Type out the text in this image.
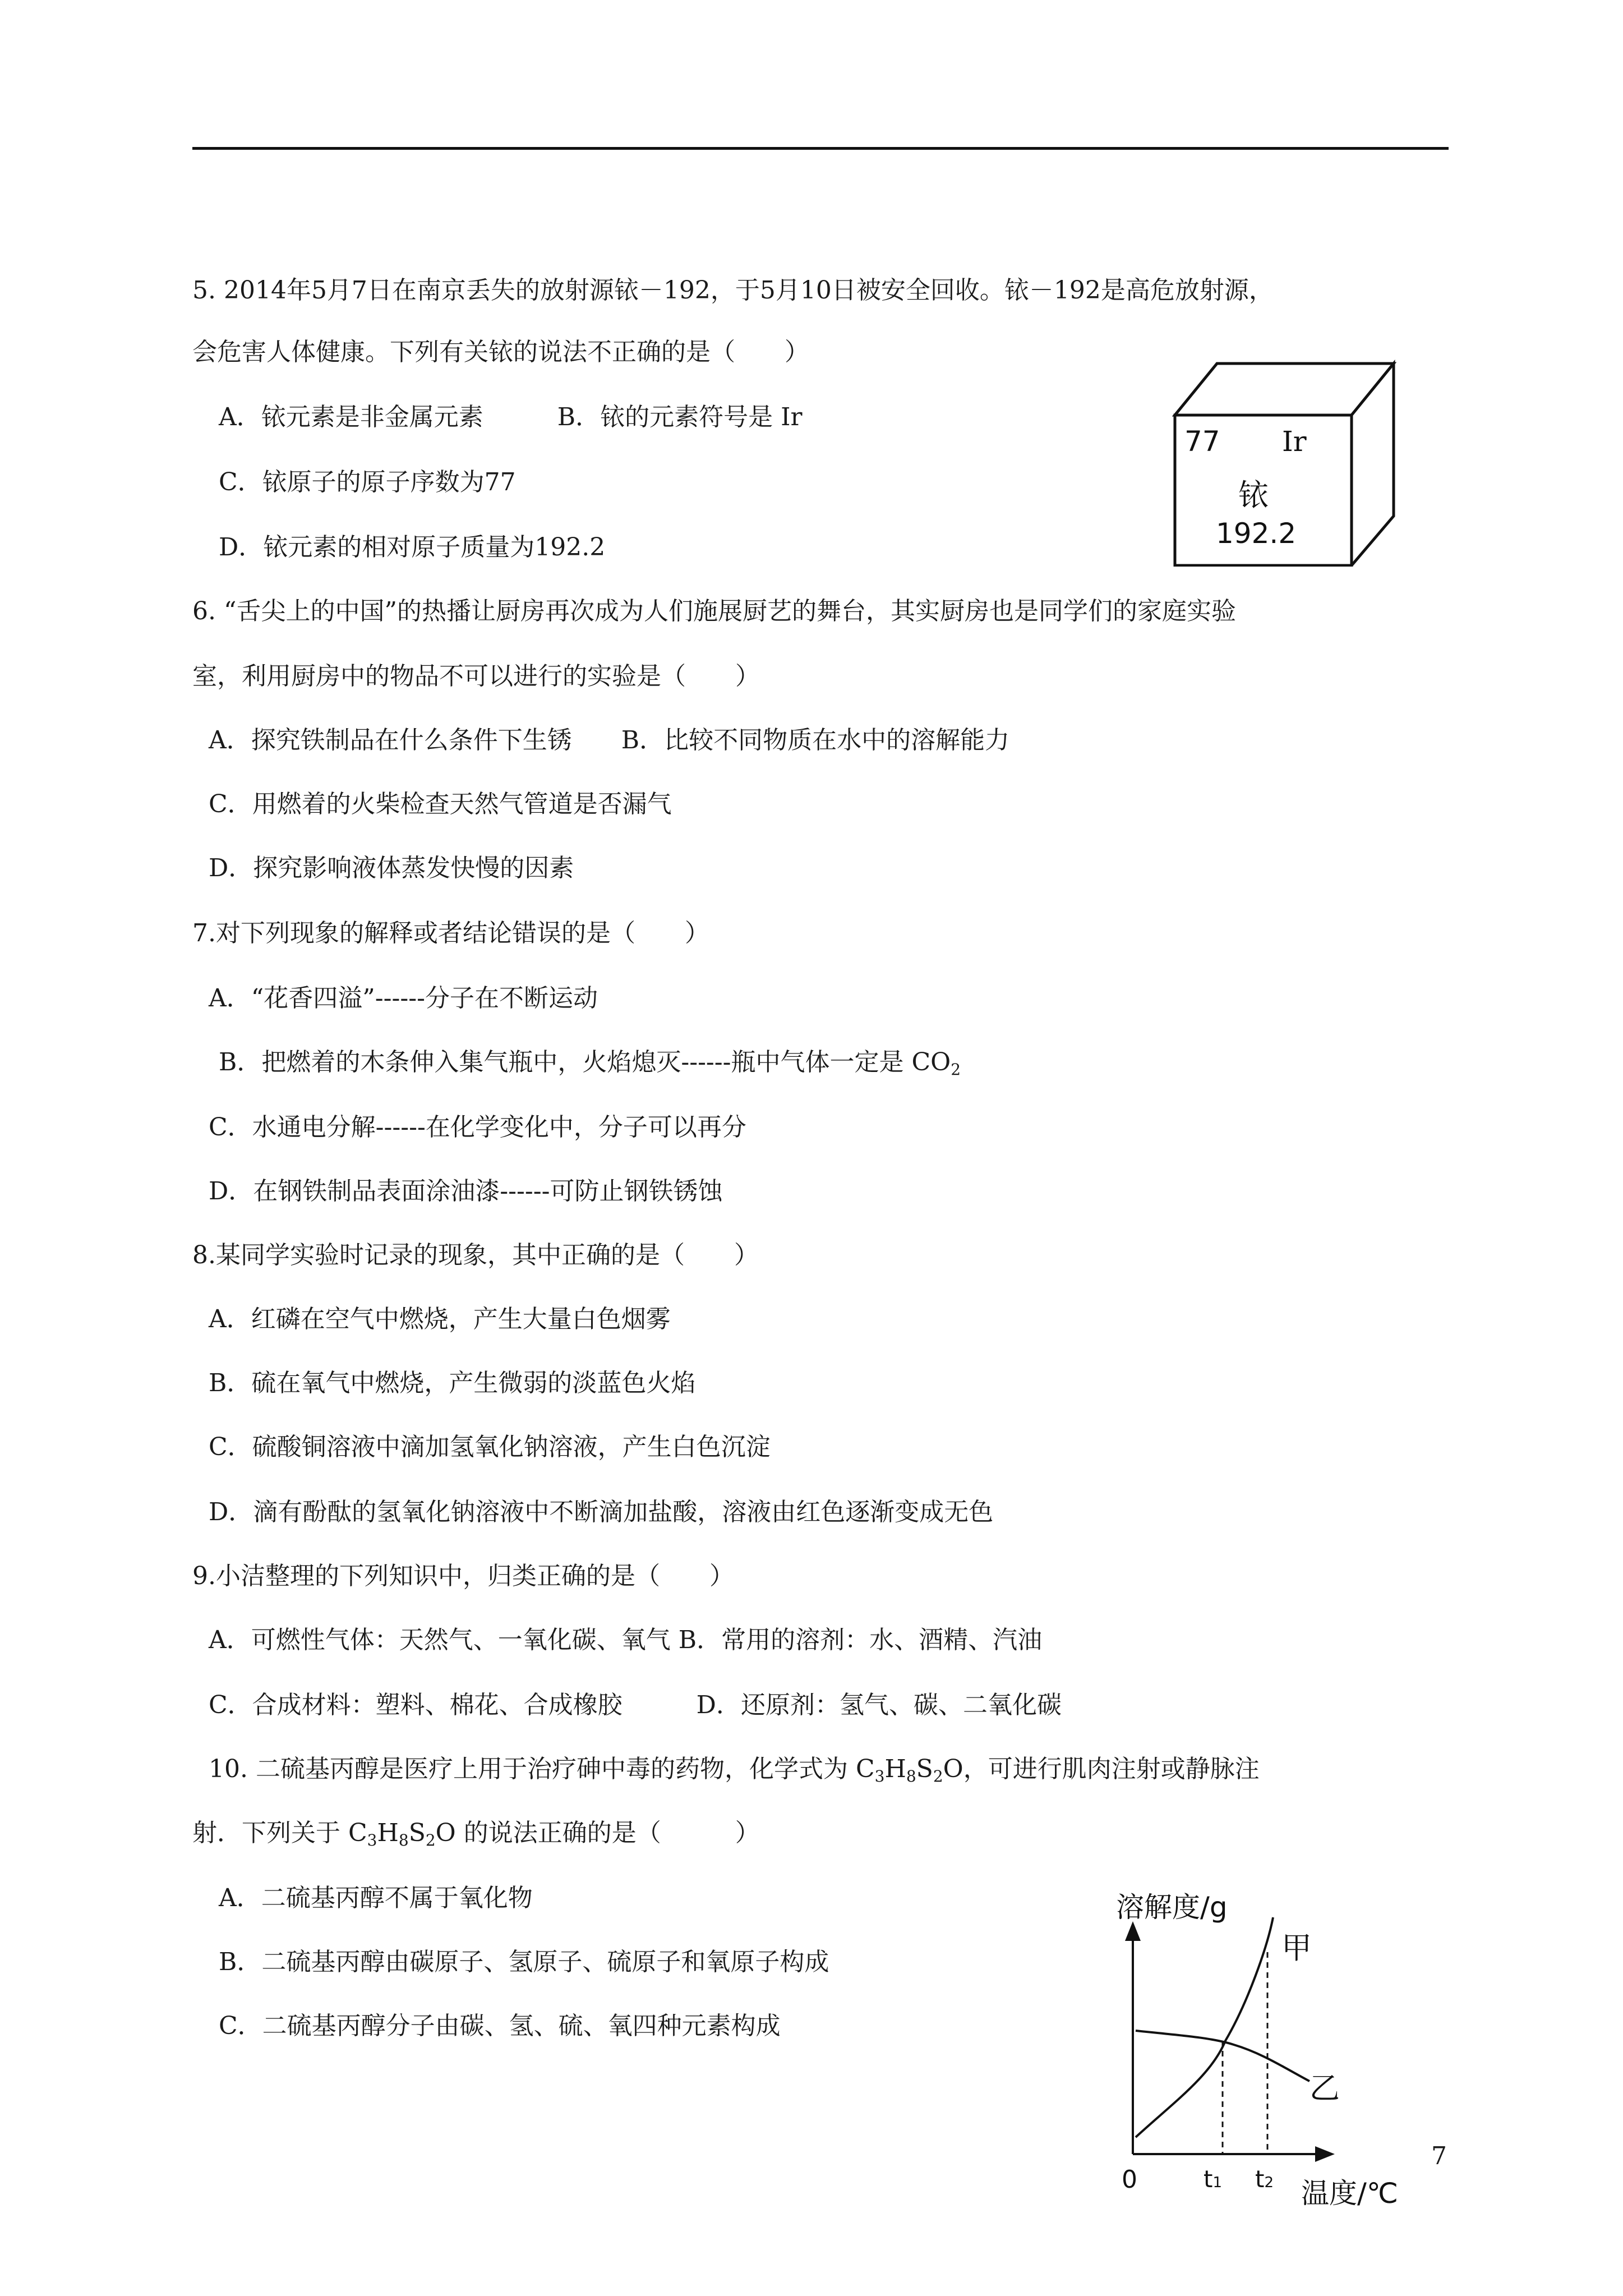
5. 2014年5月7日在南京丢失的放射源铱－192，于5月10日被安全回收。铱－192是高危放射源，
会危害人体健康。下列有关铱的说法不正确的是（　　）
A．铱元素是非金属元素　　　B．铱的元素符号是 Ir
C．铱原子的原子序数为77
D．铱元素的相对原子质量为192.2
77 Ir
铱
192.2
6. “舌尖上的中国”的热播让厨房再次成为人们施展厨艺的舞台，其实厨房也是同学们的家庭实验
室，利用厨房中的物品不可以进行的实验是（　　）
A．探究铁制品在什么条件下生锈　　B．比较不同物质在水中的溶解能力
C．用燃着的火柴检查天然气管道是否漏气
D．探究影响液体蒸发快慢的因素
7.对下列现象的解释或者结论错误的是（　　）
A．“花香四溢”------分子在不断运动
B．把燃着的木条伸入集气瓶中，火焰熄灭------瓶中气体一定是 $CO_2$
C．水通电分解------在化学变化中，分子可以再分
D．在钢铁制品表面涂油漆------可防止钢铁锈蚀
8.某同学实验时记录的现象，其中正确的是（　　）
A．红磷在空气中燃烧，产生大量白色烟雾
B．硫在氧气中燃烧，产生微弱的淡蓝色火焰
C．硫酸铜溶液中滴加氢氧化钠溶液，产生白色沉淀
D．滴有酚酞的氢氧化钠溶液中不断滴加盐酸，溶液由红色逐渐变成无色
9.小洁整理的下列知识中，归类正确的是（　　）
A．可燃性气体：天然气、一氧化碳、氧气 B．常用的溶剂：水、酒精、汽油
C．合成材料：塑料、棉花、合成橡胶　　　D．还原剂：氢气、碳、二氧化碳
10. 二硫基丙醇是医疗上用于治疗砷中毒的药物，化学式为 $C_3H_8S_2O$，可进行肌肉注射或静脉注
射．下列关于 $C_3H_8S_2O$ 的说法正确的是（　　　）
A．二硫基丙醇不属于氧化物
B．二硫基丙醇由碳原子、氢原子、硫原子和氧原子构成
C．二硫基丙醇分子由碳、氢、硫、氧四种元素构成
溶解度/g
甲
乙
0	t1 t2 温度/℃
7
